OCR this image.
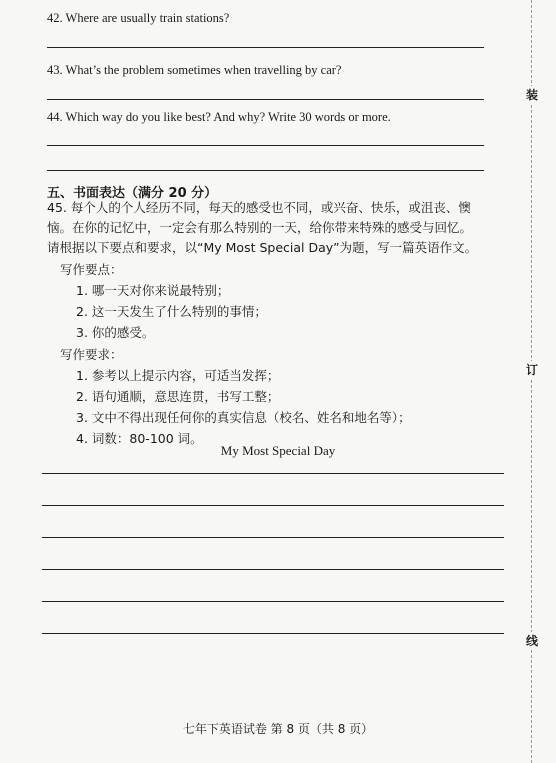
装
订
线
42. Where are usually train stations?
43. What’s the problem sometimes when travelling by car?
44. Which way do you like best? And why? Write 30 words or more.
五、书面表达（满分 20 分）
45. 每个人的个人经历不同，每天的感受也不同，或兴奋、快乐，或沮丧、懊
恼。在你的记忆中，一定会有那么特别的一天，给你带来特殊的感受与回忆。
请根据以下要点和要求，以“My Most Special Day”为题，写一篇英语作文。
写作要点：
1. 哪一天对你来说最特别；
2. 这一天发生了什么特别的事情；
3. 你的感受。
写作要求：
1. 参考以上提示内容，可适当发挥；
2. 语句通顺，意思连贯，书写工整；
3. 文中不得出现任何你的真实信息（校名、姓名和地名等）；
4. 词数：80-100 词。
My Most Special Day
七年下英语试卷 第 8 页（共 8 页）
